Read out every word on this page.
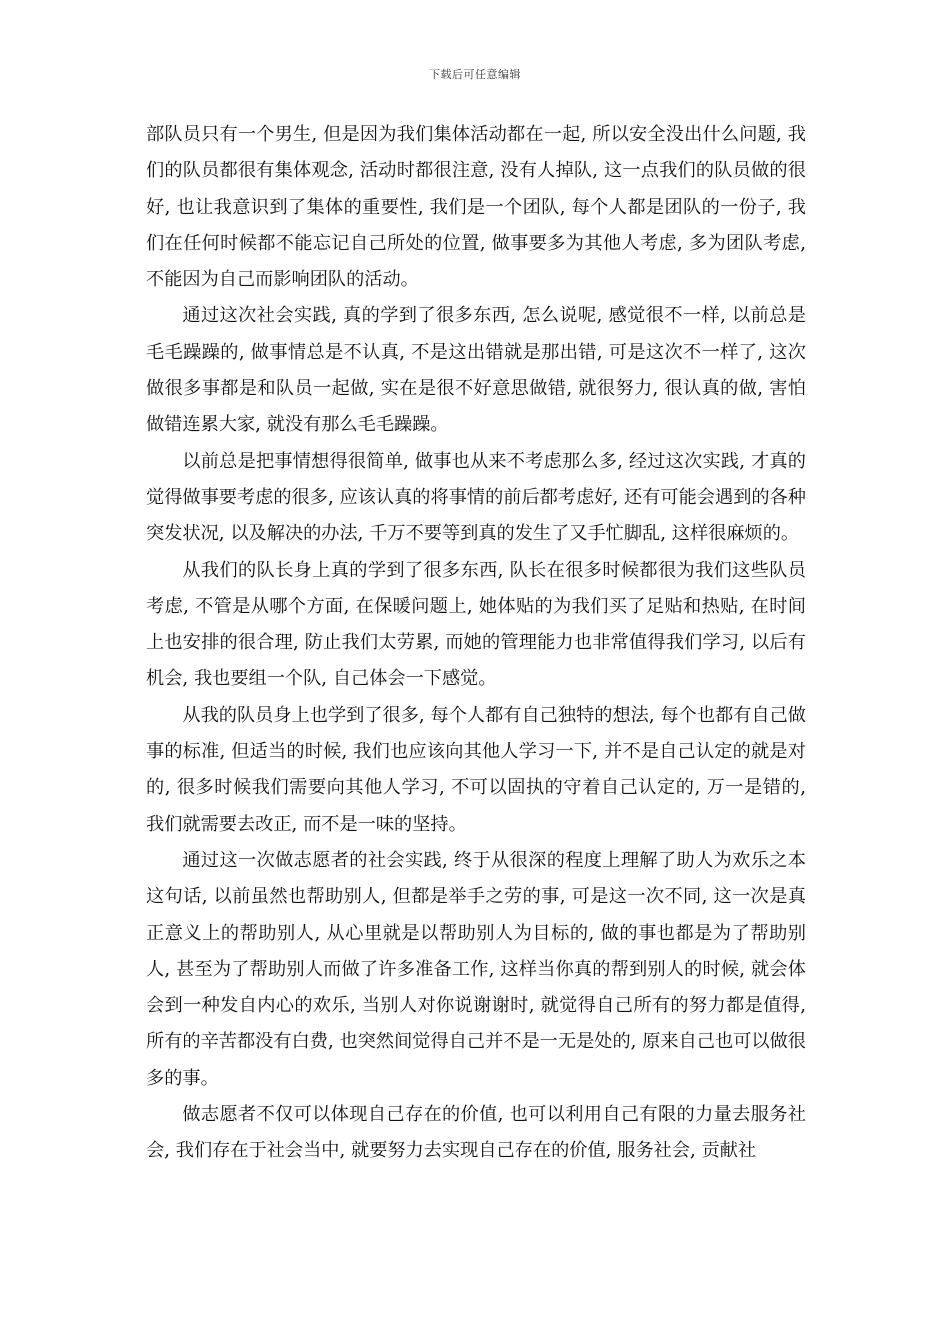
下载后可任意编辑

部队员只有一个男生, 但是因为我们集体活动都在一起, 所以安全没出什么问题, 我们的队员都很有集体观念, 活动时都很注意, 没有人掉队, 这一点我们的队员做的很好, 也让我意识到了集体的重要性, 我们是一个团队, 每个人都是团队的一份子, 我们在任何时候都不能忘记自己所处的位置, 做事要多为其他人考虑, 多为团队考虑, 不能因为自己而影响团队的活动。

通过这次社会实践, 真的学到了很多东西, 怎么说呢, 感觉很不一样, 以前总是毛毛躁躁的, 做事情总是不认真, 不是这出错就是那出错, 可是这次不一样了, 这次做很多事都是和队员一起做, 实在是很不好意思做错, 就很努力, 很认真的做, 害怕做错连累大家, 就没有那么毛毛躁躁。

以前总是把事情想得很简单, 做事也从来不考虑那么多, 经过这次实践, 才真的觉得做事要考虑的很多, 应该认真的将事情的前后都考虑好, 还有可能会遇到的各种突发状况, 以及解决的办法, 千万不要等到真的发生了又手忙脚乱, 这样很麻烦的。

从我们的队长身上真的学到了很多东西, 队长在很多时候都很为我们这些队员考虑, 不管是从哪个方面, 在保暖问题上, 她体贴的为我们买了足贴和热贴, 在时间上也安排的很合理, 防止我们太劳累, 而她的管理能力也非常值得我们学习, 以后有机会, 我也要组一个队, 自己体会一下感觉。

从我的队员身上也学到了很多, 每个人都有自己独特的想法, 每个也都有自己做事的标准, 但适当的时候, 我们也应该向其他人学习一下, 并不是自己认定的就是对的, 很多时候我们需要向其他人学习, 不可以固执的守着自己认定的, 万一是错的, 我们就需要去改正, 而不是一味的坚持。

通过这一次做志愿者的社会实践, 终于从很深的程度上理解了助人为欢乐之本这句话, 以前虽然也帮助别人, 但都是举手之劳的事, 可是这一次不同, 这一次是真正意义上的帮助别人, 从心里就是以帮助别人为目标的, 做的事也都是为了帮助别人, 甚至为了帮助别人而做了许多准备工作, 这样当你真的帮到别人的时候, 就会体会到一种发自内心的欢乐, 当别人对你说谢谢时, 就觉得自己所有的努力都是值得, 所有的辛苦都没有白费, 也突然间觉得自己并不是一无是处的, 原来自己也可以做很多的事。

做志愿者不仅可以体现自己存在的价值, 也可以利用自己有限的力量去服务社会, 我们存在于社会当中, 就要努力去实现自己存在的价值, 服务社会, 贡献社
